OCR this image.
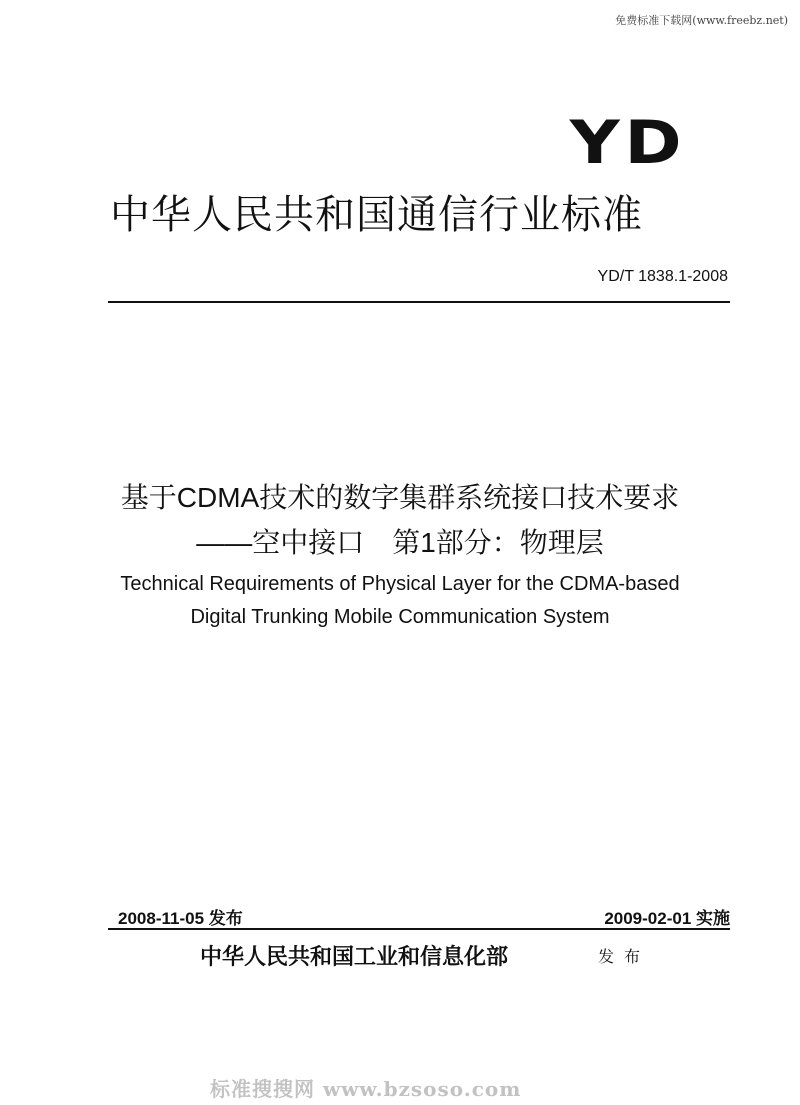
免费标准下载网(www.freebz.net)
YD
中华人民共和国通信行业标准
YD/T 1838.1-2008
基于CDMA技术的数字集群系统接口技术要求
——空中接口　第1部分：物理层
Technical Requirements of Physical Layer for the CDMA-based
Digital Trunking Mobile Communication System
2008-11-05 发布	2009-02-01 实施
中华人民共和国工业和信息化部	发布
标准搜搜网 www.bzsoso.com
